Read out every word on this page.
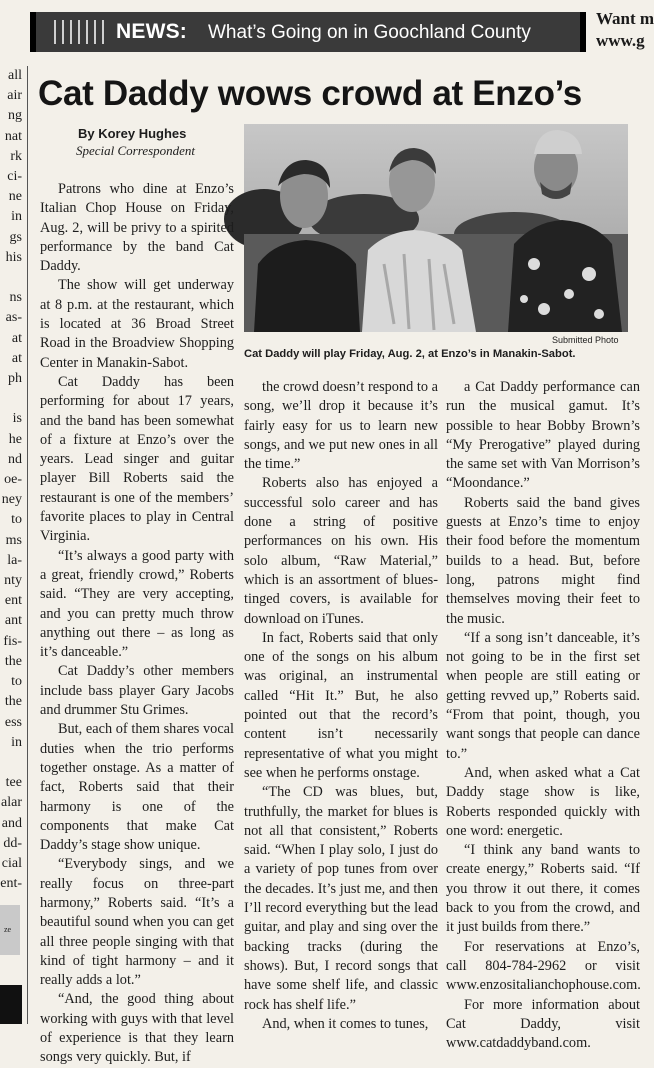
NEWS: What’s Going on in Goochland County
Want m
www.g
all
air
ng
nat
rk
ci-
ne
in
gs
his

ns
as-
at
at
ph

is
he
nd
oe-
ney
to
ms
la-
nty
ent
ant
fis-
the
to
the
ess
in

tee
alar
and
dd-
cial
ent-
ze
Cat Daddy wows crowd at Enzo’s
By Korey Hughes
Special Correspondent
Submitted Photo
Cat Daddy will play Friday, Aug. 2, at Enzo’s in Manakin-Sabot.

Patrons who dine at Enzo’s Italian Chop House on Friday, Aug. 2, will be privy to a spirited performance by the band Cat Daddy.

The show will get underway at 8 p.m. at the restaurant, which is located at 36 Broad Street Road in the Broadview Shopping Center in Manakin-Sabot.

Cat Daddy has been performing for about 17 years, and the band has been somewhat of a fixture at Enzo’s over the years. Lead singer and guitar player Bill Roberts said the restaurant is one of the members’ favorite places to play in Central Virginia.

“It’s always a good party with a great, friendly crowd,” Roberts said. “They are very accepting, and you can pretty much throw anything out there – as long as it’s danceable.”

Cat Daddy’s other members include bass player Gary Jacobs and drummer Stu Grimes.

But, each of them shares vocal duties when the trio performs together onstage. As a matter of fact, Roberts said that their harmony is one of the components that make Cat Daddy’s stage show unique.

“Everybody sings, and we really focus on three-part harmony,” Roberts said. “It’s a beautiful sound when you can get all three people singing with that kind of tight harmony – and it really adds a lot.”

“And, the good thing about working with guys with that level of experience is that they learn songs very quickly. But, if

the crowd doesn’t respond to a song, we’ll drop it because it’s fairly easy for us to learn new songs, and we put new ones in all the time.”

Roberts also has enjoyed a successful solo career and has done a string of positive performances on his own. His solo album, “Raw Material,” which is an assortment of blues-tinged covers, is available for download on iTunes.

In fact, Roberts said that only one of the songs on his album was original, an instrumental called “Hit It.” But, he also pointed out that the record’s content isn’t necessarily representative of what you might see when he performs onstage.

“The CD was blues, but, truthfully, the market for blues is not all that consistent,” Roberts said. “When I play solo, I just do a variety of pop tunes from over the decades. It’s just me, and then I’ll record everything but the lead guitar, and play and sing over the backing tracks (during the shows). But, I record songs that have some shelf life, and classic rock has shelf life.”

And, when it comes to tunes,

a Cat Daddy performance can run the musical gamut. It’s possible to hear Bobby Brown’s “My Prerogative” played during the same set with Van Morrison’s “Moondance.”

Roberts said the band gives guests at Enzo’s time to enjoy their food before the momentum builds to a head. But, before long, patrons might find themselves moving their feet to the music.

“If a song isn’t danceable, it’s not going to be in the first set when people are still eating or getting revved up,” Roberts said. “From that point, though, you want songs that people can dance to.”

And, when asked what a Cat Daddy stage show is like, Roberts responded quickly with one word: energetic.

“I think any band wants to create energy,” Roberts said. “If you throw it out there, it comes back to you from the crowd, and it just builds from there.”

For reservations at Enzo’s, call 804-784-2962 or visit www.enzositalianchophouse.com.

For more information about Cat Daddy, visit www.catdaddyband.com.
